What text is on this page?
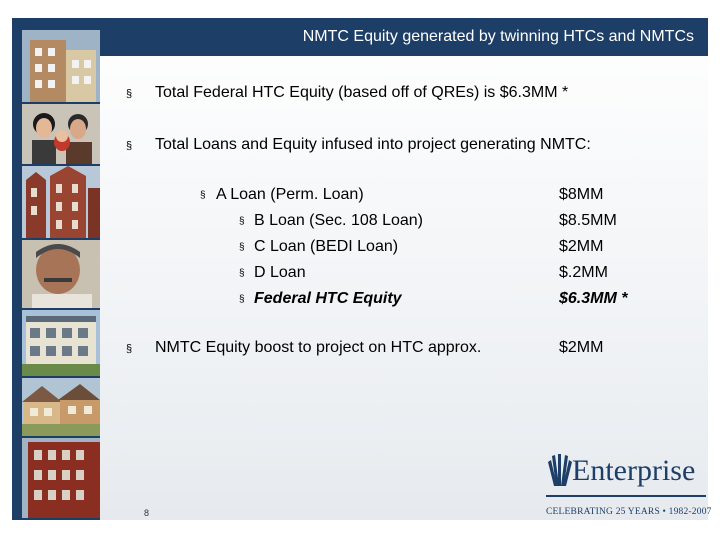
NMTC Equity generated by twinning HTCs and NMTCs
§ Total Federal HTC Equity (based off of QREs) is $6.3MM *
§ Total Loans and Equity infused into project generating NMTC:
§ A Loan (Perm. Loan)	$8MM
§ B Loan (Sec. 108 Loan)	$8.5MM
§ C Loan (BEDI Loan)	$2MM
§ D Loan	$.2MM
§ Federal HTC Equity	$6.3MM *
§ NMTC Equity boost to project on HTC approx.	$2MM
8
Enterprise
CELEBRATING 25 YEARS • 1982-2007
